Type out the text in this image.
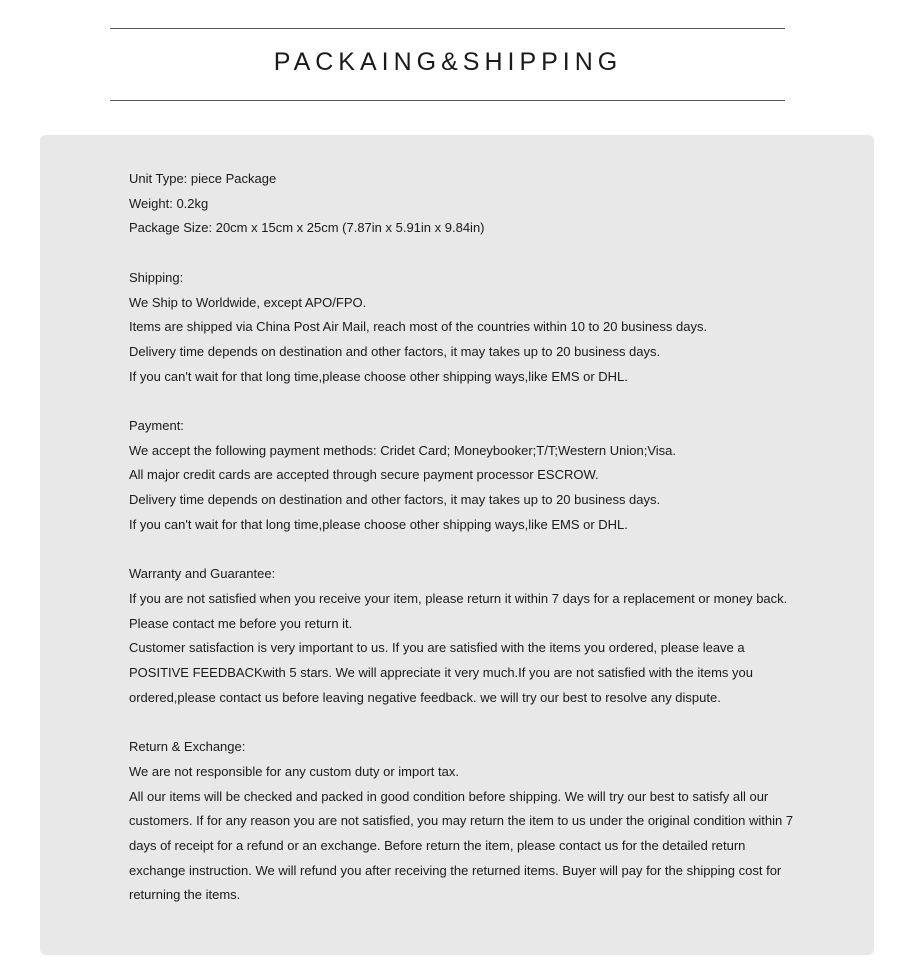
PACKAING&SHIPPING

Unit Type: piece Package

Weight: 0.2kg

Package Size: 20cm x 15cm x 25cm (7.87in x 5.91in x 9.84in)

Shipping:

We Ship to Worldwide, except APO/FPO.

Items are shipped via China Post Air Mail, reach most of the countries within 10 to 20 business days.

Delivery time depends on destination and other factors, it may takes up to 20 business days.

If you can't wait for that long time,please choose other shipping ways,like EMS or DHL.

Payment:

We accept the following payment methods: Cridet Card; Moneybooker;T/T;Western Union;Visa.

All major credit cards are accepted through secure payment processor ESCROW.

Delivery time depends on destination and other factors, it may takes up to 20 business days.

If you can't wait for that long time,please choose other shipping ways,like EMS or DHL.

Warranty and Guarantee:

If you are not satisfied when you receive your item, please return it within 7 days for a replacement or money back.

Please contact me before you return it.

Customer satisfaction is very important to us. If you are satisfied with the items you ordered, please leave a

POSITIVE FEEDBACKwith 5 stars. We will appreciate it very much.If you are not satisfied with the items you

ordered,please contact us before leaving negative feedback. we will try our best to resolve any dispute.

Return & Exchange:

We are not responsible for any custom duty or import tax.

All our items will be checked and packed in good condition before shipping. We will try our best to satisfy all our

customers. If for any reason you are not satisfied, you may return the item to us under the original condition within 7

days of receipt for a refund or an exchange. Before return the item, please contact us for the detailed return

exchange instruction. We will refund you after receiving the returned items. Buyer will pay for the shipping cost for

returning the items.
